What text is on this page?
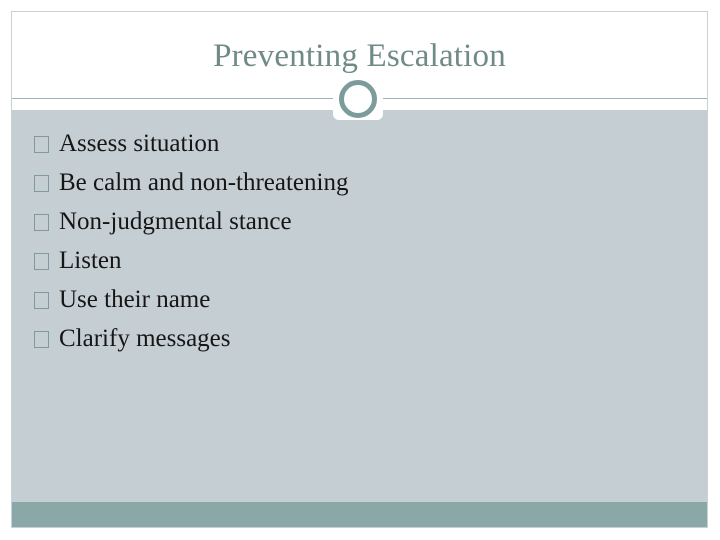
Preventing Escalation
Assess situation
Be calm and non-threatening
Non-judgmental stance
Listen
Use their name
Clarify messages
